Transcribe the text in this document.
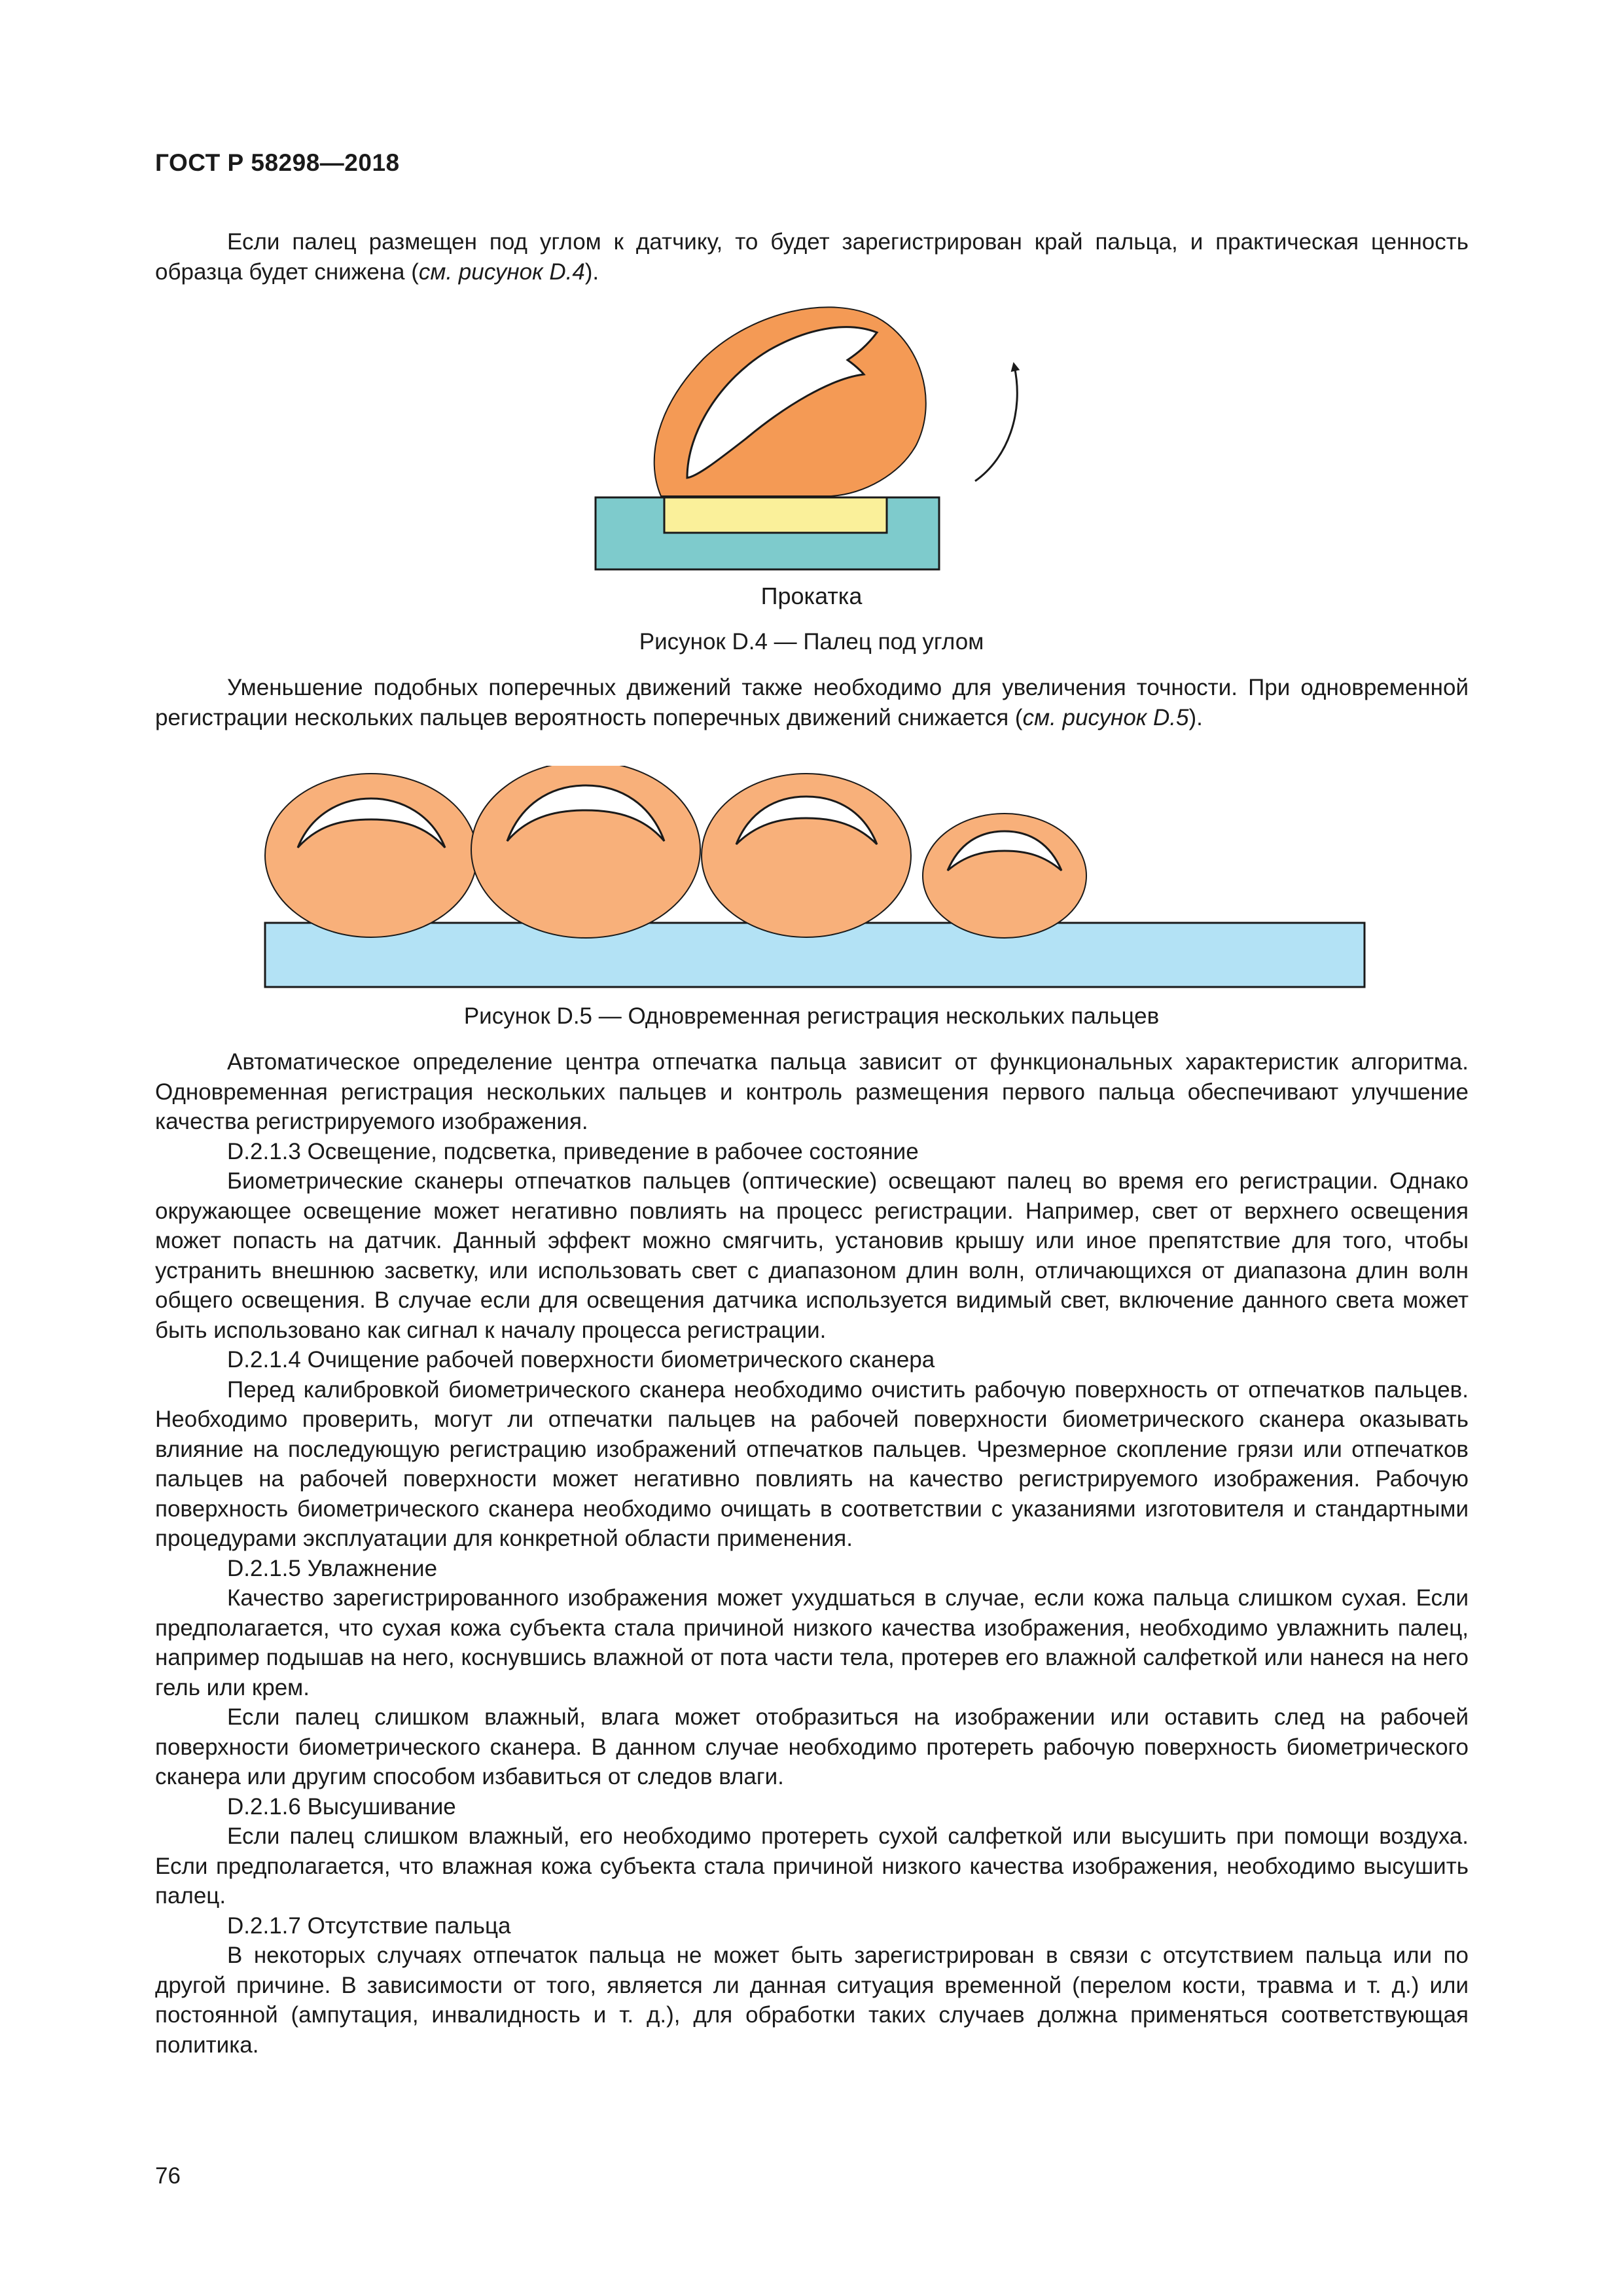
ГОСТ Р 58298—2018

Если палец размещен под углом к датчику, то будет зарегистрирован край пальца, и практическая ценность образца будет снижена (см. рисунок D.4).

Прокатка
Рисунок D.4 — Палец под углом

Уменьшение подобных поперечных движений также необходимо для увеличения точности. При одновременной регистрации нескольких пальцев вероятность поперечных движений снижается (см. рисунок D.5).

Рисунок D.5 — Одновременная регистрация нескольких пальцев

Автоматическое определение центра отпечатка пальца зависит от функциональных характеристик алгоритма. Одновременная регистрация нескольких пальцев и контроль размещения первого пальца обеспечивают улучшение качества регистрируемого изображения.

D.2.1.3 Освещение, подсветка, приведение в рабочее состояние

Биометрические сканеры отпечатков пальцев (оптические) освещают палец во время его регистрации. Однако окружающее освещение может негативно повлиять на процесс регистрации. Например, свет от верхнего освещения может попасть на датчик. Данный эффект можно смягчить, установив крышу или иное препятствие для того, чтобы устранить внешнюю засветку, или использовать свет с диапазоном длин волн, отличающихся от диапазона длин волн общего освещения. В случае если для освещения датчика используется видимый свет, включение данного света может быть использовано как сигнал к началу процесса регистрации.

D.2.1.4 Очищение рабочей поверхности биометрического сканера

Перед калибровкой биометрического сканера необходимо очистить рабочую поверхность от отпечатков пальцев. Необходимо проверить, могут ли отпечатки пальцев на рабочей поверхности биометрического сканера оказывать влияние на последующую регистрацию изображений отпечатков пальцев. Чрезмерное скопление грязи или отпечатков пальцев на рабочей поверхности может негативно повлиять на качество регистрируемого изображения. Рабочую поверхность биометрического сканера необходимо очищать в соответствии с указаниями изготовителя и стандартными процедурами эксплуатации для конкретной области применения.

D.2.1.5 Увлажнение

Качество зарегистрированного изображения может ухудшаться в случае, если кожа пальца слишком сухая. Если предполагается, что сухая кожа субъекта стала причиной низкого качества изображения, необходимо увлажнить палец, например подышав на него, коснувшись влажной от пота части тела, протерев его влажной салфеткой или нанеся на него гель или крем.

Если палец слишком влажный, влага может отобразиться на изображении или оставить след на рабочей поверхности биометрического сканера. В данном случае необходимо протереть рабочую поверхность биометрического сканера или другим способом избавиться от следов влаги.

D.2.1.6 Высушивание

Если палец слишком влажный, его необходимо протереть сухой салфеткой или высушить при помощи воздуха. Если предполагается, что влажная кожа субъекта стала причиной низкого качества изображения, необходимо высушить палец.

D.2.1.7 Отсутствие пальца

В некоторых случаях отпечаток пальца не может быть зарегистрирован в связи с отсутствием пальца или по другой причине. В зависимости от того, является ли данная ситуация временной (перелом кости, травма и т. д.) или постоянной (ампутация, инвалидность и т. д.), для обработки таких случаев должна применяться соответствующая политика.

76
